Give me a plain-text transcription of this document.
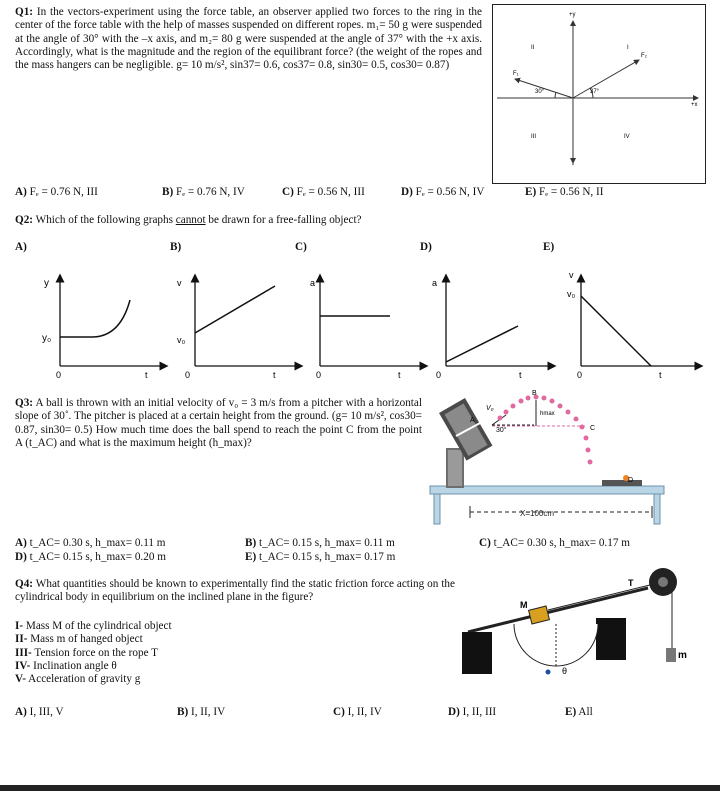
Q1: In the vectors-experiment using the force table, an observer applied two forces to the ring in the center of the force table with the help of masses suspended on different ropes. m₁= 50 g were suspended at the angle of 30° with the –x axis, and m₂= 80 g were suspended at the angle of 37° with the +x axis. Accordingly, what is the magnitude and the region of the equilibrant force? (the weight of the ropes and the mass hangers can be negligible. g= 10 m/s², sin37= 0.6, cos37= 0.8, sin30= 0.5, cos30= 0.87)
+y
+x
II	I
III	IV
F₁
F₂
30°	37°
A) Fₑ = 0.76 N, III	B) Fₑ = 0.76 N, IV	C) Fₑ = 0.56 N, III	D) Fₑ = 0.56 N, IV	E) Fₑ = 0.56 N, II
Q2: Which of the following graphs cannot be drawn for a free-falling object?
A)	B)	C)	D)	E)
y
y₀
0	t
v
v₀
0	t
a
0	t
a
0	t
v
v₀
0	t
Q3: A ball is thrown with an initial velocity of v₀ = 3 m/s from a pitcher with a horizontal slope of 30˚. The pitcher is placed at a certain height from the ground. (g= 10 m/s², cos30= 0.87, sin30= 0.5) How much time does the ball spend to reach the point C from the point A (t_AC) and what is the maximum height (h_max)?
X=100cm
A
V₀
30°
B
hmax
C
D
A) t_AC= 0.30 s, h_max= 0.11 m	B) t_AC= 0.15 s, h_max= 0.11 m	C) t_AC= 0.30 s, h_max= 0.17 m
D) t_AC= 0.15 s, h_max= 0.20 m	E) t_AC= 0.15 s, h_max= 0.17 m
Q4: What quantities should be known to experimentally find the static friction force acting on the cylindrical body in equilibrium on the inclined plane in the figure?
I- Mass M of the cylindrical object
II- Mass m of hanged object
III- Tension force on the rope T
IV- Inclination angle θ
V- Acceleration of gravity g
M
T
m
θ
A) I, III, V	B) I, II, IV	C) I, II, IV	D) I, II, III	E) All
